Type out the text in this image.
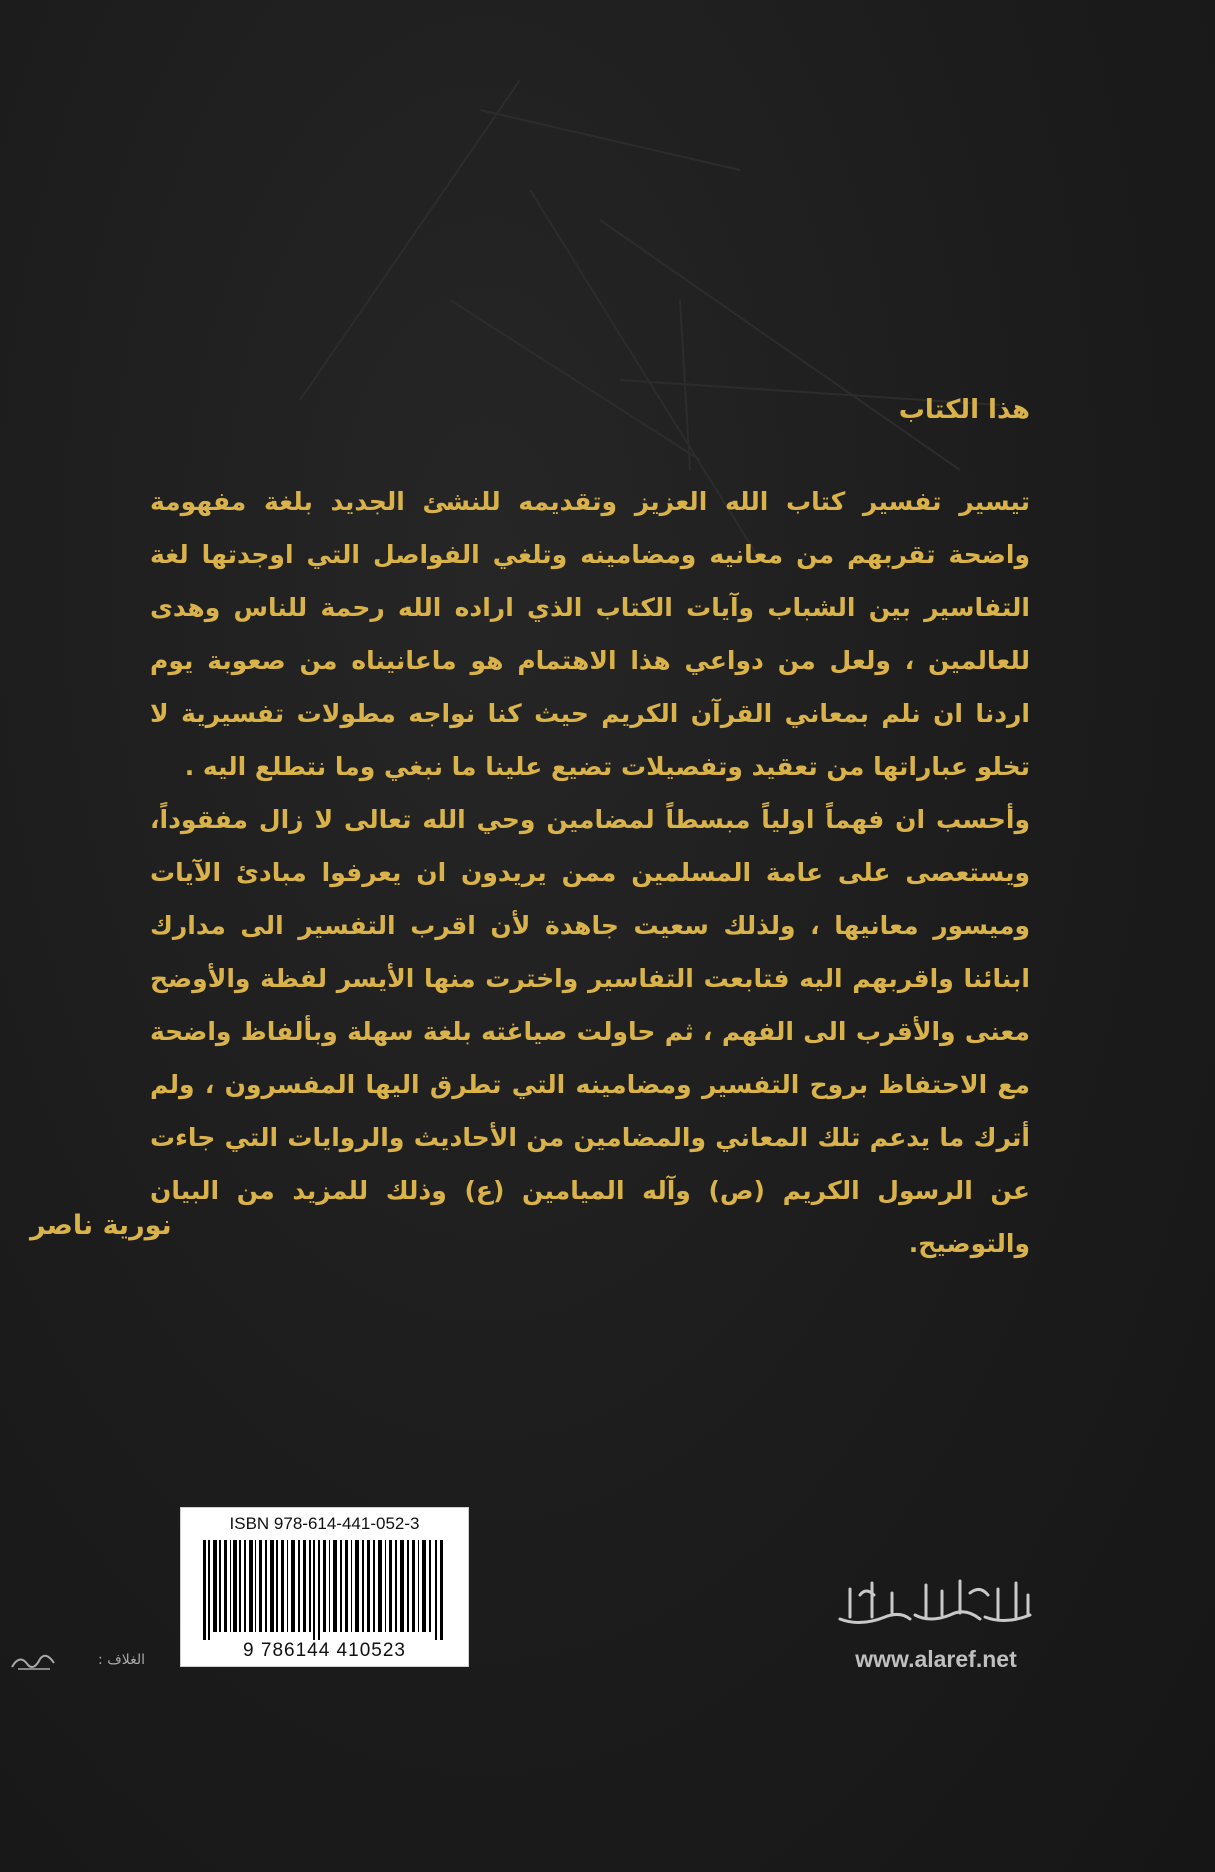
هذا الكتاب

تيسير تفسير كتاب الله العزيز وتقديمه للنشئ الجديد بلغة مفهومة واضحة تقربهم من معانيه ومضامينه وتلغي الفواصل التي اوجدتها لغة التفاسير بين الشباب وآيات الكتاب الذي اراده الله رحمة للناس وهدى للعالمين ، ولعل من دواعي هذا الاهتمام هو ماعانيناه من صعوبة يوم اردنا ان نلم بمعاني القرآن الكريم حيث كنا نواجه مطولات تفسيرية لا تخلو عباراتها من تعقيد وتفصيلات تضيع علينا ما نبغي وما نتطلع اليه .

وأحسب ان فهماً اولياً مبسطاً لمضامين وحي الله تعالى لا زال مفقوداً، ويستعصى على عامة المسلمين ممن يريدون ان يعرفوا مبادئ الآيات وميسور معانيها ، ولذلك سعيت جاهدة لأن اقرب التفسير الى مدارك ابنائنا واقربهم اليه فتابعت التفاسير واخترت منها الأيسر لفظة والأوضح معنى والأقرب الى الفهم ، ثم حاولت صياغته بلغة سهلة وبألفاظ واضحة مع الاحتفاظ بروح التفسير ومضامينه التي تطرق اليها المفسرون ، ولم أترك ما يدعم تلك المعاني والمضامين من الأحاديث والروايات التي جاءت عن الرسول الكريم (ص) وآله الميامين (ع) وذلك للمزيد من البيان والتوضيح.

نورية ناصر
ISBN 978-614-441-052-3
9 786144 410523	www.alaref.net
الغلاف :
